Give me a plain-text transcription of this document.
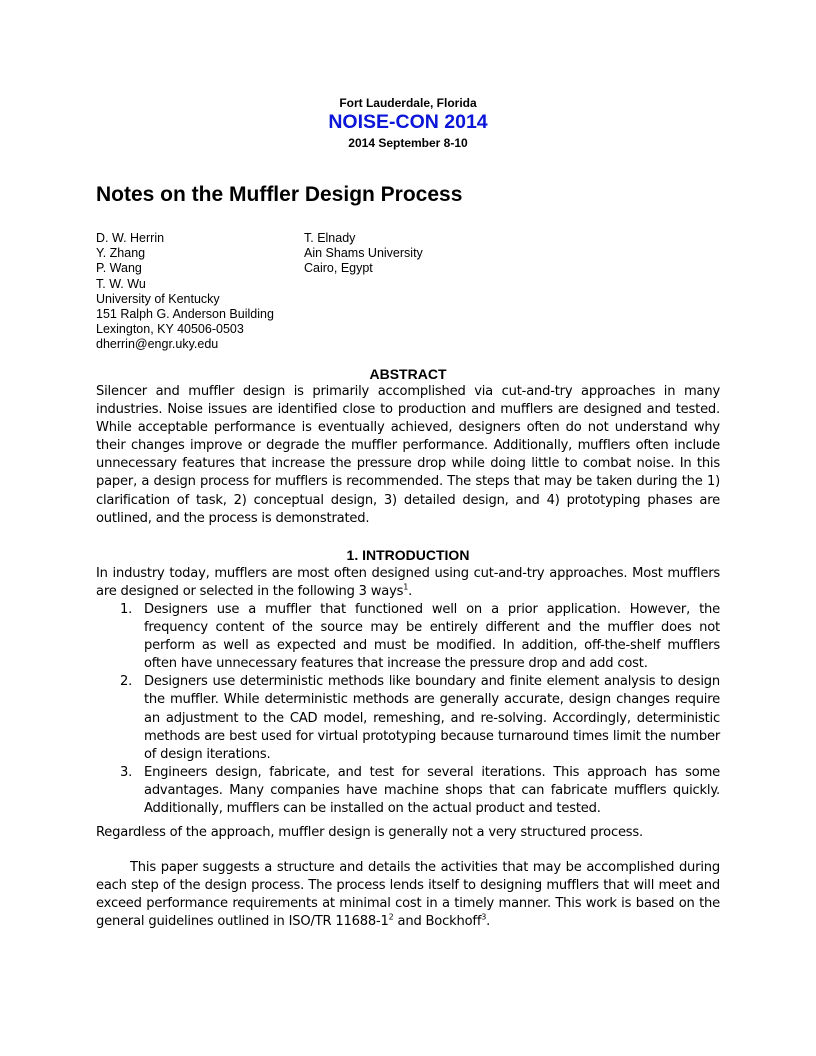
Fort Lauderdale, Florida
NOISE-CON 2014
2014 September 8-10
Notes on the Muffler Design Process
D. W. Herrin
Y. Zhang
P. Wang
T. W. Wu
University of Kentucky
151 Ralph G. Anderson Building
Lexington, KY 40506-0503
dherrin@engr.uky.edu
T. Elnady
Ain Shams University
Cairo, Egypt
ABSTRACT
Silencer and muffler design is primarily accomplished via cut-and-try approaches in many industries. Noise issues are identified close to production and mufflers are designed and tested. While acceptable performance is eventually achieved, designers often do not understand why their changes improve or degrade the muffler performance. Additionally, mufflers often include unnecessary features that increase the pressure drop while doing little to combat noise. In this paper, a design process for mufflers is recommended. The steps that may be taken during the 1) clarification of task, 2) conceptual design, 3) detailed design, and 4) prototyping phases are outlined, and the process is demonstrated.
1. INTRODUCTION
In industry today, mufflers are most often designed using cut-and-try approaches. Most mufflers are designed or selected in the following 3 ways$^1$.
1. Designers use a muffler that functioned well on a prior application. However, the frequency content of the source may be entirely different and the muffler does not perform as well as expected and must be modified. In addition, off-the-shelf mufflers often have unnecessary features that increase the pressure drop and add cost.
2. Designers use deterministic methods like boundary and finite element analysis to design the muffler. While deterministic methods are generally accurate, design changes require an adjustment to the CAD model, remeshing, and re-solving. Accordingly, deterministic methods are best used for virtual prototyping because turnaround times limit the number of design iterations.
3. Engineers design, fabricate, and test for several iterations. This approach has some advantages. Many companies have machine shops that can fabricate mufflers quickly. Additionally, mufflers can be installed on the actual product and tested.
Regardless of the approach, muffler design is generally not a very structured process.
This paper suggests a structure and details the activities that may be accomplished during each step of the design process. The process lends itself to designing mufflers that will meet and exceed performance requirements at minimal cost in a timely manner. This work is based on the general guidelines outlined in ISO/TR $11688-1^2$ and Bockhoff$^3$.
